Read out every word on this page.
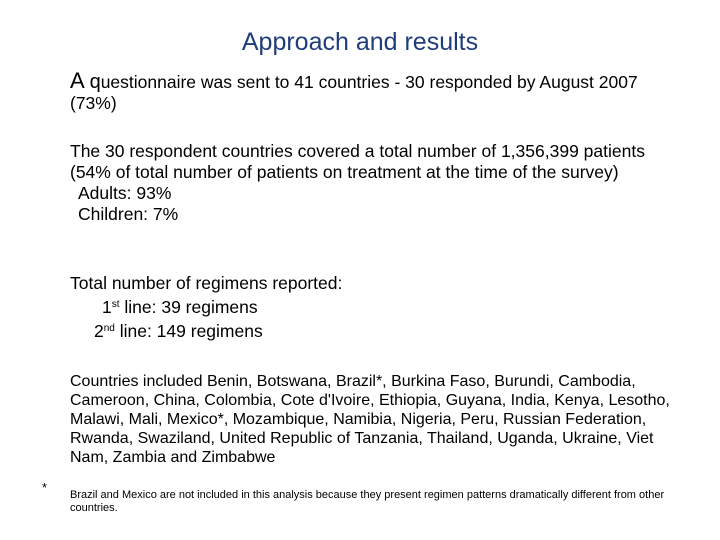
Approach and results
A questionnaire was sent to 41 countries - 30 responded by August 2007 (73%)
The 30 respondent countries covered a total number of 1,356,399 patients (54% of total number of patients on treatment at the time of the survey)
Adults: 93%
Children: 7%
Total number of regimens reported:
1st line: 39 regimens
2nd line: 149 regimens
Countries included Benin, Botswana, Brazil*, Burkina Faso, Burundi, Cambodia, Cameroon, China, Colombia, Cote d'Ivoire, Ethiopia, Guyana, India, Kenya, Lesotho, Malawi, Mali, Mexico*, Mozambique, Namibia, Nigeria, Peru, Russian Federation, Rwanda, Swaziland, United Republic of Tanzania, Thailand, Uganda, Ukraine, Viet Nam, Zambia and Zimbabwe
* Brazil and Mexico are not included in this analysis because they present regimen patterns dramatically different from other countries.
